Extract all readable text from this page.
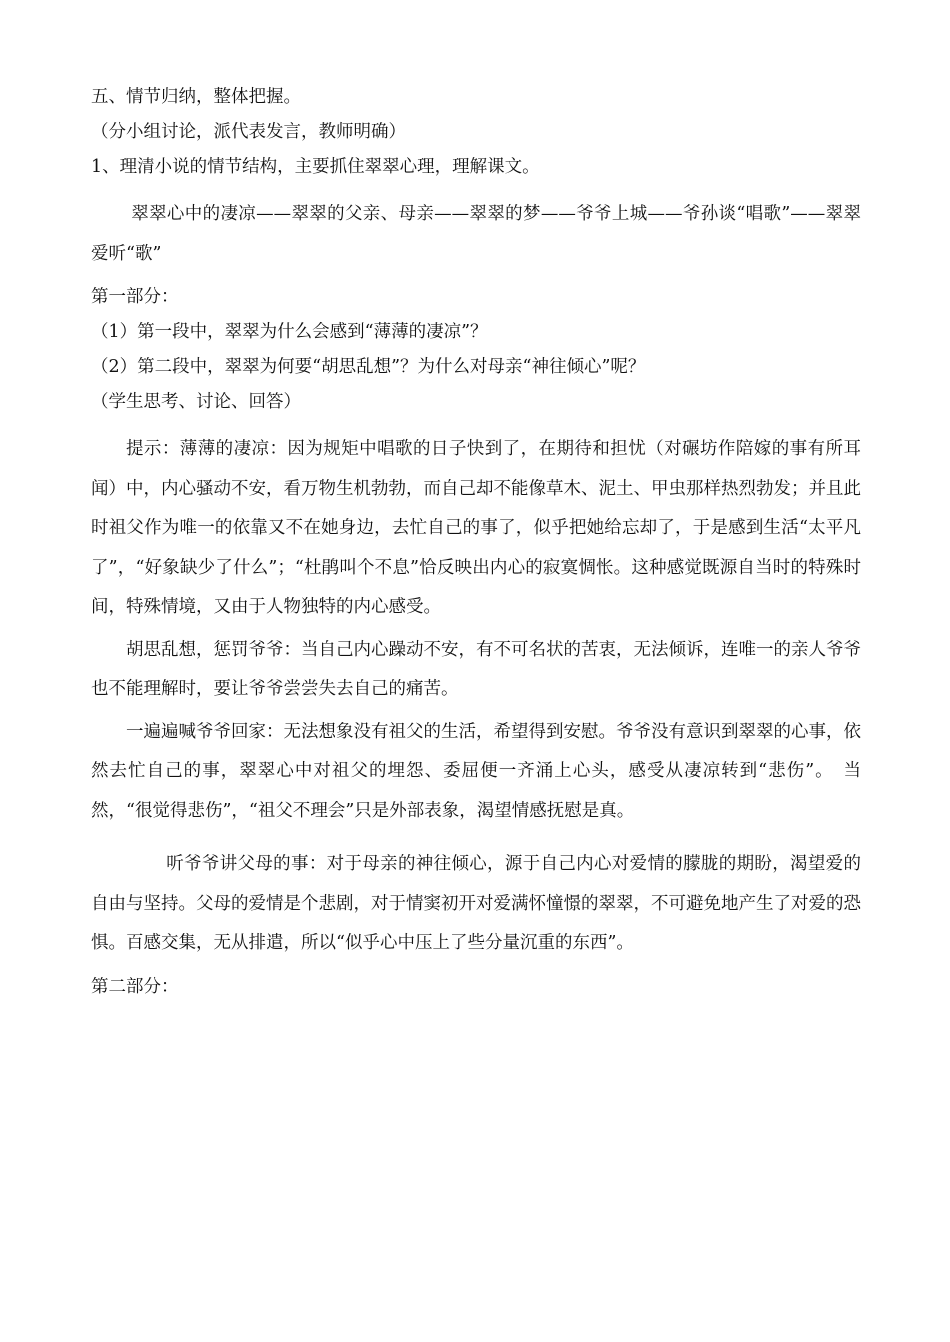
五、情节归纳，整体把握。

（分小组讨论，派代表发言，教师明确）

1、理清小说的情节结构，主要抓住翠翠心理，理解课文。

翠翠心中的凄凉——翠翠的父亲、母亲——翠翠的梦——爷爷上城——爷孙谈“唱歌”——翠翠爱听“歌”

第一部分：

（1）第一段中，翠翠为什么会感到“薄薄的凄凉”？

（2）第二段中，翠翠为何要“胡思乱想”？为什么对母亲“神往倾心”呢？

（学生思考、讨论、回答）

提示：薄薄的凄凉：因为规矩中唱歌的日子快到了，在期待和担忧（对碾坊作陪嫁的事有所耳闻）中，内心骚动不安，看万物生机勃勃，而自己却不能像草木、泥土、甲虫那样热烈勃发；并且此时祖父作为唯一的依靠又不在她身边，去忙自己的事了，似乎把她给忘却了，于是感到生活“太平凡了”，“好象缺少了什么”；“杜鹃叫个不息”恰反映出内心的寂寞惆怅。这种感觉既源自当时的特殊时间，特殊情境，又由于人物独特的内心感受。

胡思乱想，惩罚爷爷：当自己内心躁动不安，有不可名状的苦衷，无法倾诉，连唯一的亲人爷爷也不能理解时，要让爷爷尝尝失去自己的痛苦。

一遍遍喊爷爷回家：无法想象没有祖父的生活，希望得到安慰。爷爷没有意识到翠翠的心事，依然去忙自己的事，翠翠心中对祖父的埋怨、委屈便一齐涌上心头，感受从凄凉转到“悲伤”。　当然，“很觉得悲伤”，“祖父不理会”只是外部表象，渴望情感抚慰是真。

听爷爷讲父母的事：对于母亲的神往倾心，源于自己内心对爱情的朦胧的期盼，渴望爱的自由与坚持。父母的爱情是个悲剧，对于情窦初开对爱满怀憧憬的翠翠，不可避免地产生了对爱的恐惧。百感交集，无从排遣，所以“似乎心中压上了些分量沉重的东西”。

第二部分：
